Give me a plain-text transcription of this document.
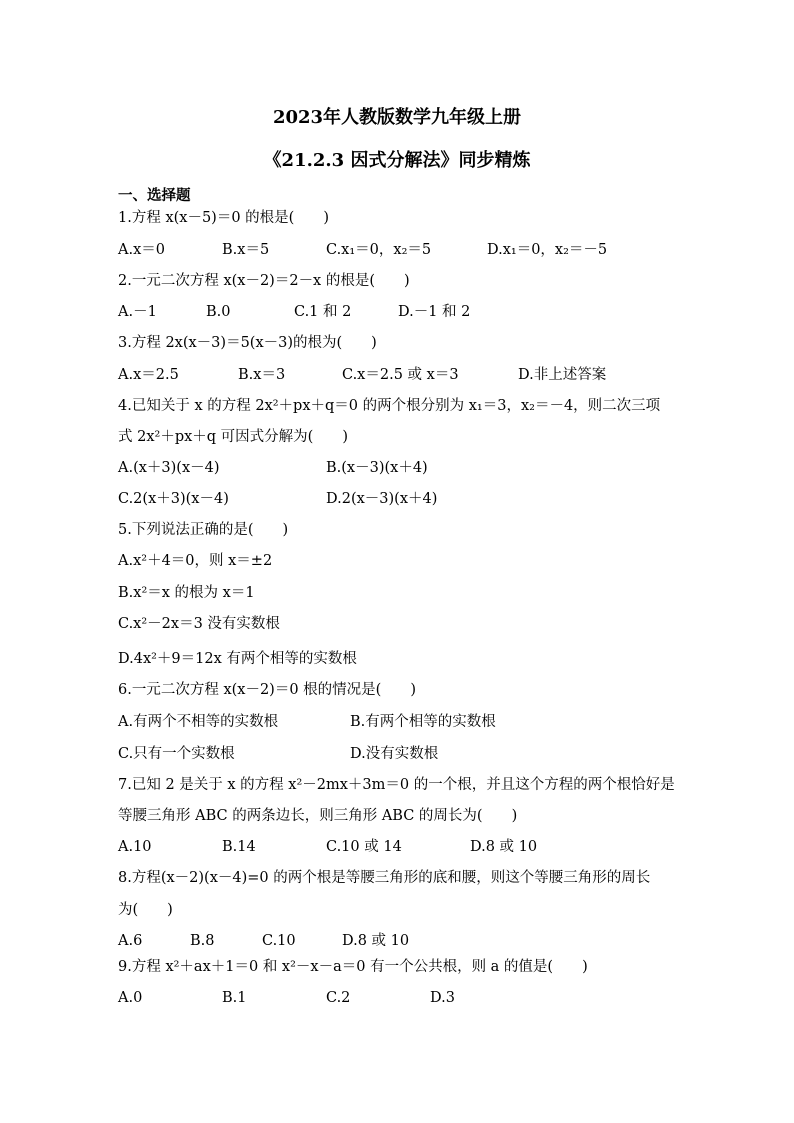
2023年人教版数学九年级上册
《21.2.3 因式分解法》同步精炼
一、选择题
1.方程 x(x－5)＝0 的根是(　　)
A.x＝0	B.x＝5	C.x₁＝0，x₂＝5	D.x₁＝0，x₂＝－5
2.一元二次方程 x(x－2)＝2－x 的根是(　　)
A.－1	B.0	C.1 和 2	D.－1 和 2
3.方程 2x(x－3)＝5(x－3)的根为(　　)
A.x＝2.5	B.x＝3	C.x＝2.5 或 x＝3	D.非上述答案
4.已知关于 x 的方程 2x²＋px＋q＝0 的两个根分别为 x₁＝3，x₂＝－4，则二次三项
式 2x²＋px＋q 可因式分解为(　　)
A.(x＋3)(x－4)	B.(x－3)(x＋4)
C.2(x＋3)(x－4)	D.2(x－3)(x＋4)
5.下列说法正确的是(　　)
A.x²＋4＝0，则 x＝±2
B.x²＝x 的根为 x＝1
C.x²－2x＝3 没有实数根
D.4x²＋9＝12x 有两个相等的实数根
6.一元二次方程 x(x－2)＝0 根的情况是(　　)
A.有两个不相等的实数根	B.有两个相等的实数根
C.只有一个实数根	D.没有实数根
7.已知 2 是关于 x 的方程 x²－2mx＋3m＝0 的一个根，并且这个方程的两个根恰好是
等腰三角形 ABC 的两条边长，则三角形 ABC 的周长为(　　)
A.10	B.14	C.10 或 14	D.8 或 10
8.方程(x－2)(x－4)=0 的两个根是等腰三角形的底和腰，则这个等腰三角形的周长
为(　　)
A.6	B.8	C.10	D.8 或 10
9.方程 x²＋ax＋1＝0 和 x²－x－a＝0 有一个公共根，则 a 的值是(　　)
A.0	B.1	C.2	D.3
